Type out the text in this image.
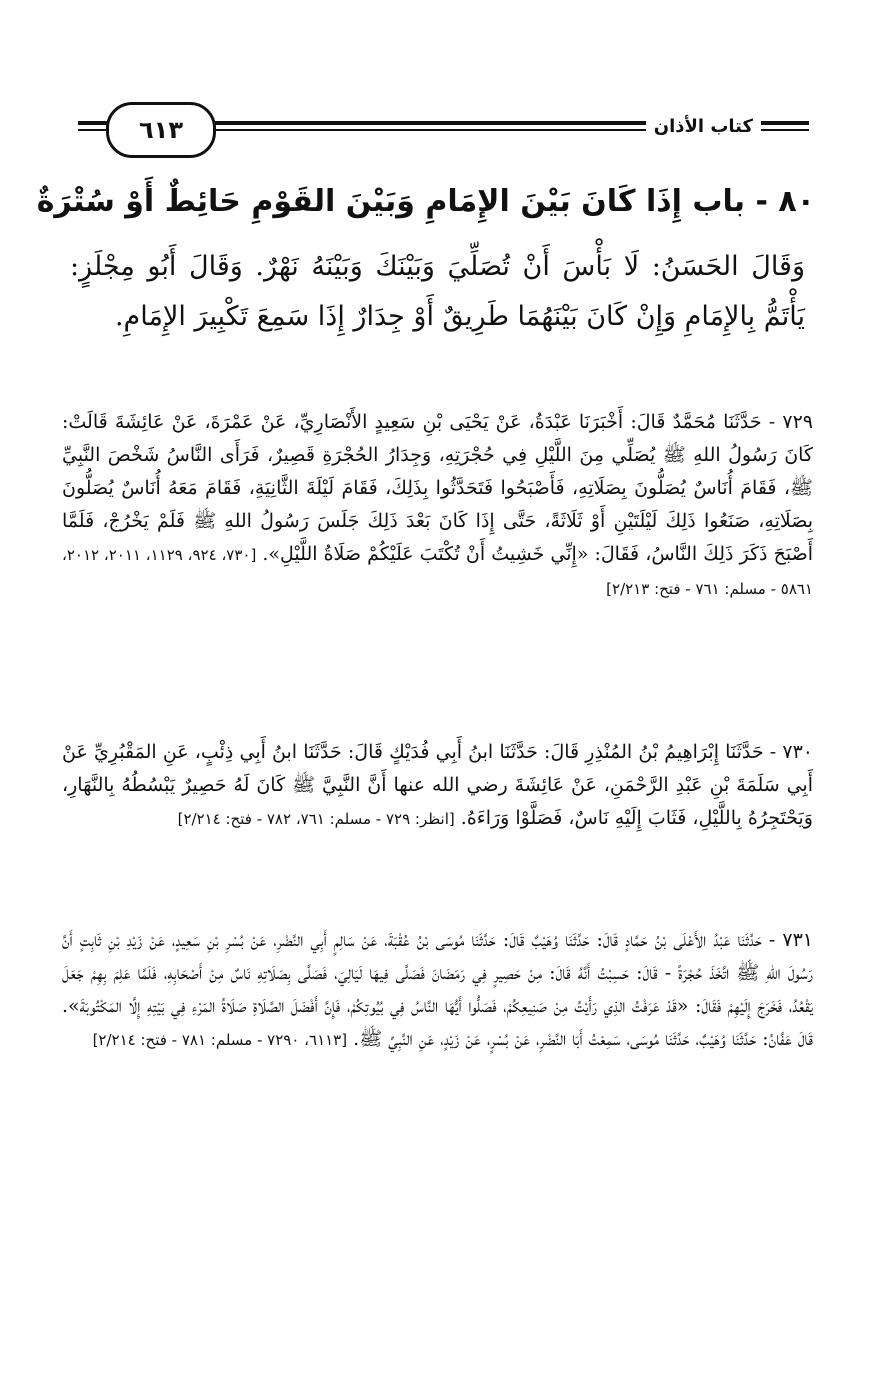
كتاب الأذان
٦١٣
٨٠ - باب إِذَا كَانَ بَيْنَ الإِمَامِ وَبَيْنَ القَوْمِ حَائِطٌ أَوْ سُتْرَةٌ

وَقَالَ الحَسَنُ: لَا بَأْسَ أَنْ تُصَلِّيَ وَبَيْنَكَ وَبَيْنَهُ نَهْرٌ. وَقَالَ أَبُو مِجْلَزٍ: يَأْتَمُّ بِالإِمَامِ وَإِنْ كَانَ بَيْنَهُمَا طَرِيقٌ أَوْ جِدَارٌ إِذَا سَمِعَ تَكْبِيرَ الإِمَامِ.

٧٢٩ - حَدَّثَنَا مُحَمَّدٌ قَالَ: أَخْبَرَنَا عَبْدَةُ، عَنْ يَحْيَى بْنِ سَعِيدٍ الأَنْصَارِيِّ، عَنْ عَمْرَةَ، عَنْ عَائِشَةَ قَالَتْ: كَانَ رَسُولُ اللهِ ﷺ يُصَلِّي مِنَ اللَّيْلِ فِي حُجْرَتِهِ، وَجِدَارُ الحُجْرَةِ قَصِيرٌ، فَرَأَى النَّاسُ شَخْصَ النَّبِيِّ ﷺ، فَقَامَ أُنَاسٌ يُصَلُّونَ بِصَلَاتِهِ، فَأَصْبَحُوا فَتَحَدَّثُوا بِذَلِكَ، فَقَامَ لَيْلَةَ الثَّانِيَةِ، فَقَامَ مَعَهُ أُنَاسٌ يُصَلُّونَ بِصَلَاتِهِ، صَنَعُوا ذَلِكَ لَيْلَتَيْنِ أَوْ ثَلَاثَةً، حَتَّى إِذَا كَانَ بَعْدَ ذَلِكَ جَلَسَ رَسُولُ اللهِ ﷺ فَلَمْ يَخْرُجْ، فَلَمَّا أَصْبَحَ ذَكَرَ ذَلِكَ النَّاسُ، فَقَالَ: «إِنِّي خَشِيتُ أَنْ تُكْتَبَ عَلَيْكُمْ صَلَاةُ اللَّيْلِ». [٧٣٠، ٩٢٤، ١١٢٩، ٢٠١١، ٢٠١٢، ٥٨٦١ - مسلم: ٧٦١ - فتح: ٢/٢١٣]

٧٣٠ - حَدَّثَنَا إِبْرَاهِيمُ بْنُ المُنْذِرِ قَالَ: حَدَّثَنَا ابنُ أَبِي فُدَيْكٍ قَالَ: حَدَّثَنَا ابنُ أَبِي ذِئْبٍ، عَنِ المَقْبُرِيِّ عَنْ أَبِي سَلَمَةَ بْنِ عَبْدِ الرَّحْمَنِ، عَنْ عَائِشَةَ رضي الله عنها أَنَّ النَّبِيَّ ﷺ كَانَ لَهُ حَصِيرٌ يَبْسُطُهُ بِالنَّهَارِ، وَيَحْتَجِرُهُ بِاللَّيْلِ، فَثَابَ إِلَيْهِ نَاسٌ، فَصَلَّوْا وَرَاءَهُ. [انظر: ٧٢٩ - مسلم: ٧٦١، ٧٨٢ - فتح: ٢/٢١٤]

٧٣١ - حَدَّثَنَا عَبْدُ الأَعْلَى بْنُ حَمَّادٍ قَالَ: حَدَّثَنَا وُهَيْبٌ قَالَ: حَدَّثَنَا مُوسَى بْنُ عُقْبَةَ، عَنْ سَالِمٍ أَبِي النَّضْرِ، عَنْ بُسْرِ بْنِ سَعِيدٍ، عَنْ زَيْدِ بْنِ ثَابِتٍ أَنَّ رَسُولَ اللهِ ﷺ اتَّخَذَ حُجْرَةً - قَالَ: حَسِبْتُ أَنَّهُ قَالَ: مِنْ حَصِيرٍ فِي رَمَضَانَ فَصَلَّى فِيهَا لَيَالِيَ، فَصَلَّى بِصَلَاتِهِ نَاسٌ مِنْ أَصْحَابِهِ، فَلَمَّا عَلِمَ بِهِمْ جَعَلَ يَقْعُدُ، فَخَرَجَ إِلَيْهِمْ فَقَالَ: «قَدْ عَرَفْتُ الذِي رَأَيْتُ مِنْ صَنِيعِكُمْ، فَصَلُّوا أَيُّهَا النَّاسُ فِي بُيُوتِكُمْ، فَإِنَّ أَفْضَلَ الصَّلَاةِ صَلَاةُ المَرْءِ فِي بَيْتِهِ إِلَّا المَكْتُوبَةَ». قَالَ عَفَّانُ: حَدَّثَنَا وُهَيْبٌ، حَدَّثَنَا مُوسَى، سَمِعْتُ أَبَا النَّضْرِ، عَنْ بُسْرٍ، عَنْ زَيْدٍ، عَنِ النَّبِيِّ ﷺ. [٦١١٣، ٧٢٩٠ - مسلم: ٧٨١ - فتح: ٢/٢١٤]
